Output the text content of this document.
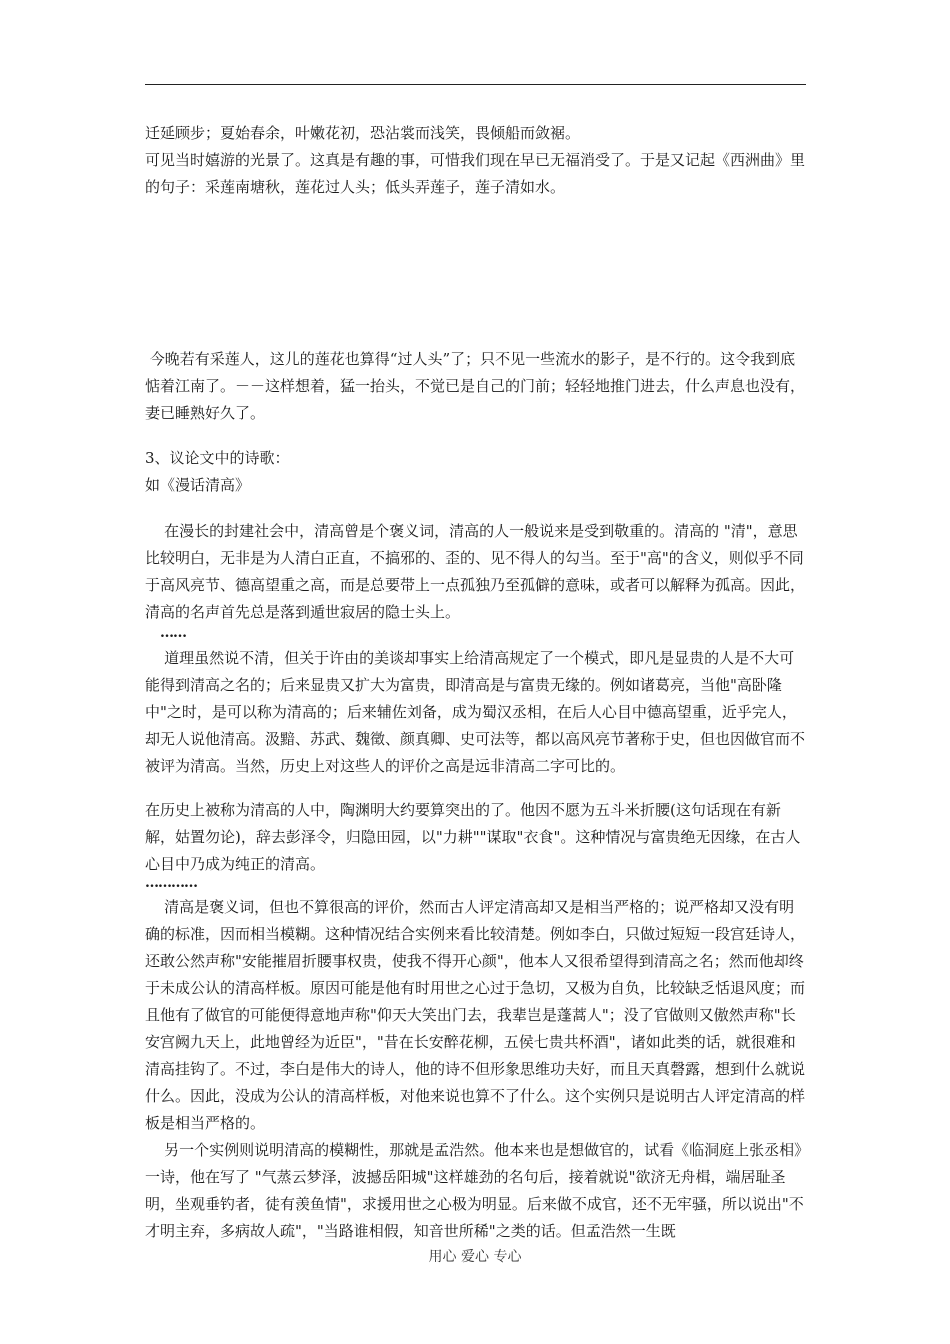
迁延顾步；夏始春余，叶嫩花初，恐沾裳而浅笑，畏倾船而敛裾。
可见当时嬉游的光景了。这真是有趣的事，可惜我们现在早已无福消受了。于是又记起《西洲曲》里的句子：采莲南塘秋，莲花过人头；低头弄莲子，莲子清如水。

今晚若有采莲人，这儿的莲花也算得“过人头”了；只不见一些流水的影子，是不行的。这令我到底惦着江南了。－－这样想着，猛一抬头，不觉已是自己的门前；轻轻地推门进去，什么声息也没有，妻已睡熟好久了。

3、议论文中的诗歌：
如《漫话清高》

在漫长的封建社会中，清高曾是个褒义词，清高的人一般说来是受到敬重的。清高的 "清"，意思比较明白，无非是为人清白正直，不搞邪的、歪的、见不得人的勾当。至于"高"的含义，则似乎不同于高风亮节、德高望重之高，而是总要带上一点孤独乃至孤僻的意味，或者可以解释为孤高。因此，清高的名声首先总是落到遁世寂居的隐士头上。

……

道理虽然说不清，但关于许由的美谈却事实上给清高规定了一个模式，即凡是显贵的人是不大可能得到清高之名的；后来显贵又扩大为富贵，即清高是与富贵无缘的。例如诸葛亮，当他"高卧隆中"之时，是可以称为清高的；后来辅佐刘备，成为蜀汉丞相，在后人心目中德高望重，近乎完人，却无人说他清高。汲黯、苏武、魏徵、颜真卿、史可法等，都以高风亮节著称于史，但也因做官而不被评为清高。当然，历史上对这些人的评价之高是远非清高二字可比的。

在历史上被称为清高的人中，陶渊明大约要算突出的了。他因不愿为五斗米折腰(这句话现在有新解，姑置勿论)，辞去彭泽令，归隐田园，以"力耕""谋取"衣食"。这种情况与富贵绝无因缘，在古人心目中乃成为纯正的清高。

…………

清高是褒义词，但也不算很高的评价，然而古人评定清高却又是相当严格的；说严格却又没有明确的标准，因而相当模糊。这种情况结合实例来看比较清楚。例如李白，只做过短短一段宫廷诗人，还敢公然声称"安能摧眉折腰事权贵，使我不得开心颜"，他本人又很希望得到清高之名；然而他却终于未成公认的清高样板。原因可能是他有时用世之心过于急切，又极为自负，比较缺乏恬退风度；而且他有了做官的可能便得意地声称"仰天大笑出门去，我辈岂是蓬蒿人"；没了官做则又傲然声称"长安宫阙九天上，此地曾经为近臣"，"昔在长安醉花柳，五侯七贵共杯酒"，诸如此类的话，就很难和清高挂钩了。不过，李白是伟大的诗人，他的诗不但形象思维功夫好，而且天真磬露，想到什么就说什么。因此，没成为公认的清高样板，对他来说也算不了什么。这个实例只是说明古人评定清高的样板是相当严格的。
另一个实例则说明清高的模糊性，那就是孟浩然。他本来也是想做官的，试看《临洞庭上张丞相》一诗，他在写了 "气蒸云梦泽，波撼岳阳城"这样雄劲的名句后，接着就说"欲济无舟楫，端居耻圣明，坐观垂钓者，徒有羡鱼情"，求援用世之心极为明显。后来做不成官，还不无牢骚，所以说出"不才明主弃，多病故人疏"，"当路谁相假，知音世所稀"之类的话。但孟浩然一生既

用心 爱心 专心
